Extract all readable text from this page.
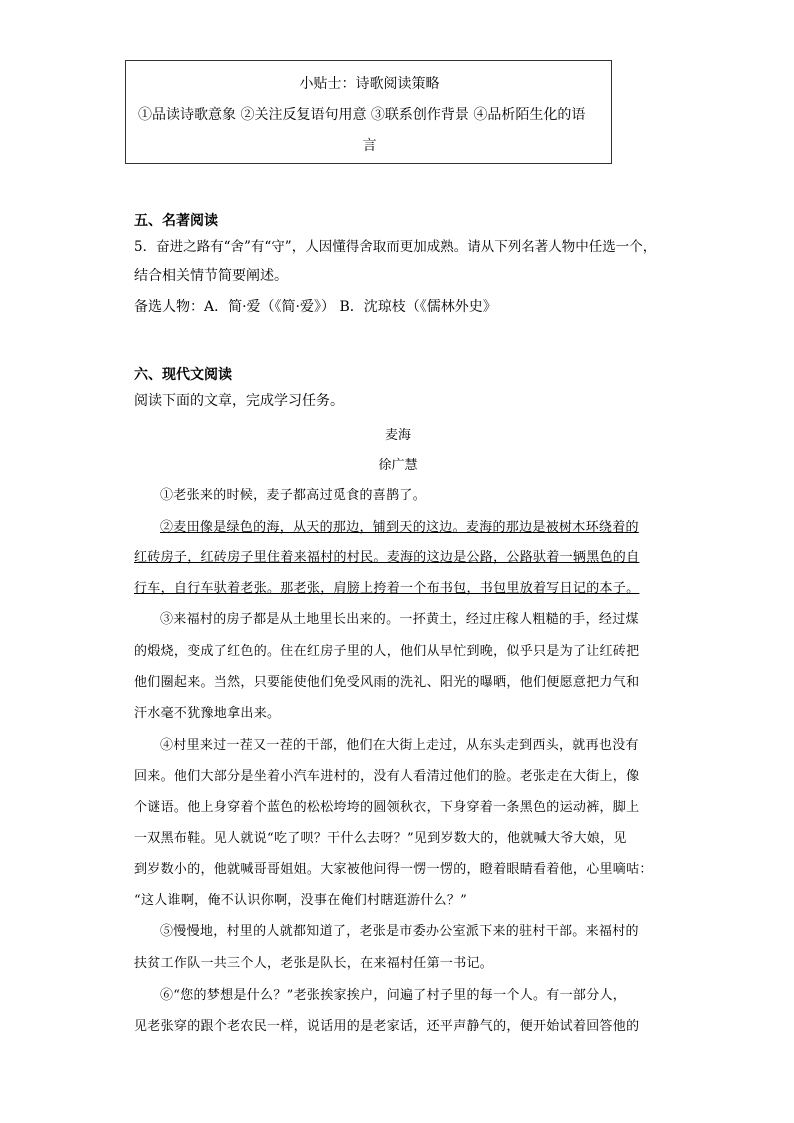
小贴士：诗歌阅读策略
①品读诗歌意象 ②关注反复语句用意 ③联系创作背景 ④品析陌生化的语
言
五、名著阅读
5．奋进之路有“舍”有“守”，人因懂得舍取而更加成熟。请从下列名著人物中任选一个，
结合相关情节简要阐述。
备选人物：A．简·爱（《简·爱》） B．沈琼枝（《儒林外史》
六、现代文阅读
阅读下面的文章，完成学习任务。
麦海
徐广慧
①老张来的时候，麦子都高过觅食的喜鹊了。
②麦田像是绿色的海，从天的那边，铺到天的这边。麦海的那边是被树木环绕着的
红砖房子，红砖房子里住着来福村的村民。麦海的这边是公路，公路驮着一辆黑色的自
行车，自行车驮着老张。那老张，肩膀上挎着一个布书包，书包里放着写日记的本子。
③来福村的房子都是从土地里长出来的。一抔黄土，经过庄稼人粗糙的手，经过煤
的煅烧，变成了红色的。住在红房子里的人，他们从早忙到晚，似乎只是为了让红砖把
他们圈起来。当然，只要能使他们免受风雨的洗礼、阳光的曝晒，他们便愿意把力气和
汗水毫不犹豫地拿出来。
④村里来过一茬又一茬的干部，他们在大街上走过，从东头走到西头，就再也没有
回来。他们大部分是坐着小汽车进村的，没有人看清过他们的脸。老张走在大街上，像
个谜语。他上身穿着个蓝色的松松垮垮的圆领秋衣，下身穿着一条黑色的运动裤，脚上
一双黑布鞋。见人就说“吃了呗？干什么去呀？”见到岁数大的，他就喊大爷大娘，见
到岁数小的，他就喊哥哥姐姐。大家被他问得一愣一愣的，瞪着眼睛看着他，心里嘀咕：
“这人谁啊，俺不认识你啊，没事在俺们村瞎逛游什么？”
⑤慢慢地，村里的人就都知道了，老张是市委办公室派下来的驻村干部。来福村的
扶贫工作队一共三个人，老张是队长，在来福村任第一书记。
⑥“您的梦想是什么？”老张挨家挨户，问遍了村子里的每一个人。有一部分人，
见老张穿的跟个老农民一样，说话用的是老家话，还平声静气的，便开始试着回答他的
